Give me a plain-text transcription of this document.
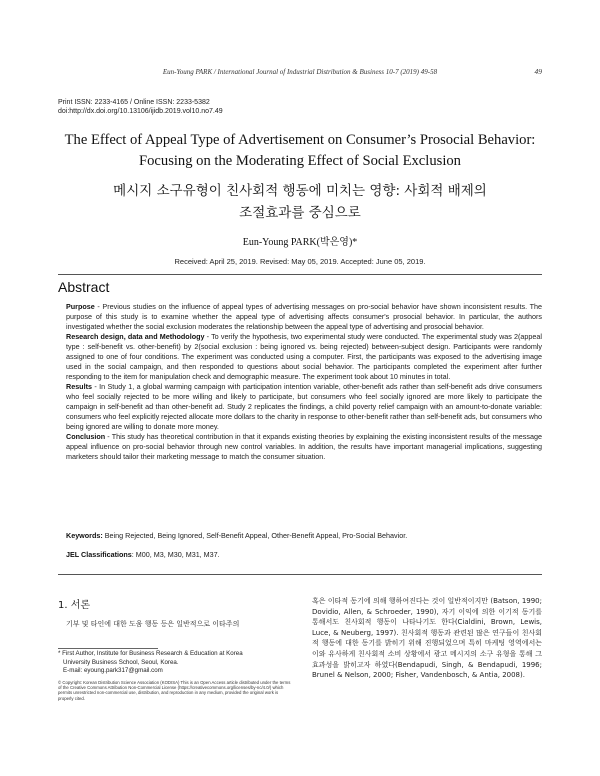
Eun-Young PARK / International Journal of Industrial Distribution & Business 10-7 (2019) 49-58	49
Print ISSN: 2233-4165 / Online ISSN: 2233-5382
doi:http://dx.doi.org/10.13106/ijidb.2019.vol10.no7.49
The Effect of Appeal Type of Advertisement on Consumer’s Prosocial Behavior:
Focusing on the Moderating Effect of Social Exclusion
메시지 소구유형이 친사회적 행동에 미치는 영향: 사회적 배제의
조절효과를 중심으로
Eun-Young PARK(박은영)*
Received: April 25, 2019. Revised: May 05, 2019. Accepted: June 05, 2019.
Abstract

Purpose - Previous studies on the influence of appeal types of advertising messages on pro-social behavior have shown inconsistent results. The purpose of this study is to examine whether the appeal type of advertising affects consumer's prosocial behavior. In particular, the authors investigated whether the social exclusion moderates the relationship between the appeal type of advertising and prosocial behavior.

Research design, data and Methodology - To verify the hypothesis, two experimental study were conducted. The experimental study was 2(appeal type : self-benefit vs. other-benefit) by 2(social exclusion : being ignored vs. being rejected) between-subject design. Participants were randomly assigned to one of four conditions. The experiment was conducted using a computer. First, the participants was exposed to the advertising image used in the social campaign, and then responded to questions about social behavior. The participants completed the experiment after further responding to the item for manipulation check and demographic measure. The experiment took about 10 minutes in total.

Results - In Study 1, a global warming campaign with participation intention variable, other-benefit ads rather than self-benefit ads drive consumers who feel socially rejected to be more willing and likely to participate, but consumers who feel socially ignored are more likely to participate the campaign in self-benefit ad than other-benefit ad. Study 2 replicates the findings, a child poverty relief campaign with an amount-to-donate variable: consumers who feel explicitly rejected allocate more dollars to the charity in response to other-benefit rather than self-benefit ads, but consumers who being ignored are willing to donate more money.

Conclusion - This study has theoretical contribution in that it expands existing theories by explaining the existing inconsistent results of the message appeal influence on pro-social behavior through new control variables. In addition, the results have important managerial implications, suggesting marketers should tailor their marketing message to match the consumer situation.

Keywords: Being Rejected, Being Ignored, Self-Benefit Appeal, Other-Benefit Appeal, Pro-Social Behavior.
JEL Classifications: M00, M3, M30, M31, M37.
1. 서론
기부 및 타인에 대한 도움 행동 등은 일반적으로 이타주의
* First Author, Institute for Business Research & Education at Korea
University Business School, Seoul, Korea.
E-mail: eyoung.park317@gmail.com
© Copyright: Korean Distribution Science Association (KODISA) This is an Open Access article distributed under the terms of the Creative Commons Attribution Non-Commercial License (https://creativecommons.org/licenses/by-nc/4.0/) which permits unrestricted non-commercial use, distribution, and reproduction in any medium, provided the original work is properly cited.
혹은 이타적 동기에 의해 행하여진다는 것이 일반적이지만 (Batson, 1990; Dovidio, Allen, & Schroeder, 1990), 자기 이익에 의한 이기적 동기를 통해서도 친사회적 행동이 나타나기도 한다(Cialdini, Brown, Lewis, Luce, & Neuberg, 1997). 친사회적 행동과 관련된 많은 연구들이 친사회적 행동에 대한 동기를 밝히기 위해 진행되었으며 특히 마케팅 영역에서는 이와 유사하게 친사회적 소비 상황에서 광고 메시지의 소구 유형을 통해 그 효과성을 밝히고자 하였다(Bendapudi, Singh, & Bendapudi, 1996; Brunel & Nelson, 2000; Fisher, Vandenbosch, & Antia, 2008).
